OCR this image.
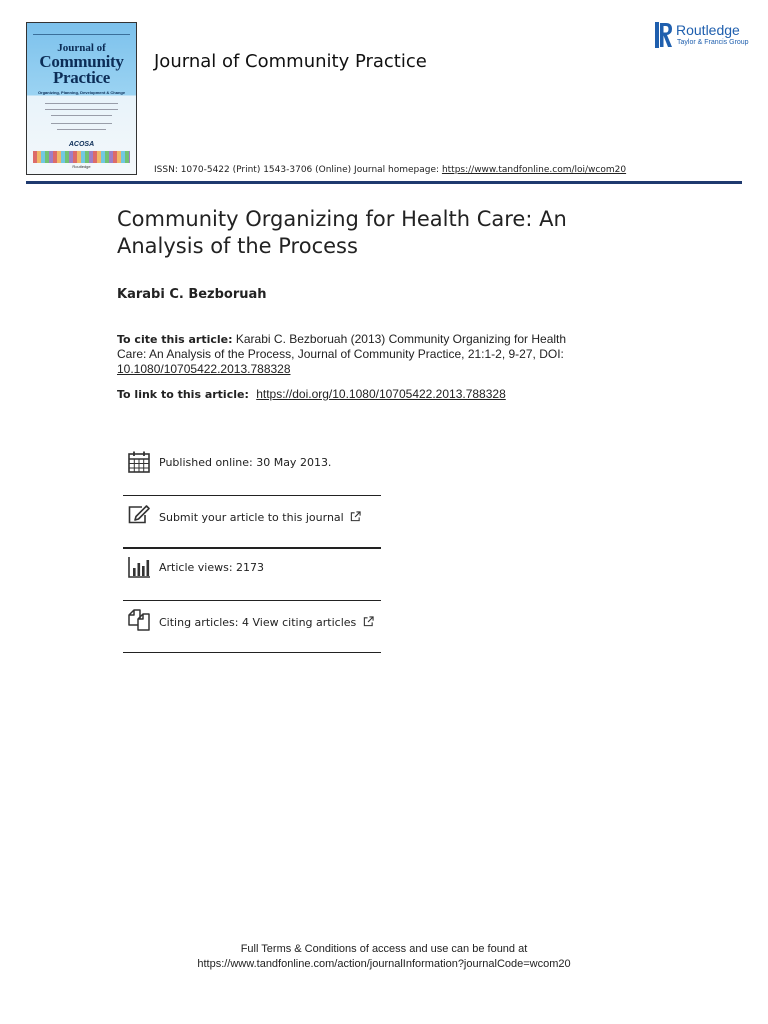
Journal of
Community
Practice
Organizing, Planning, Development & Change
ACOSA
Routledge
Journal of Community Practice
Routledge
Taylor & Francis Group
ISSN: 1070-5422 (Print) 1543-3706 (Online) Journal homepage: https://www.tandfonline.com/loi/wcom20
Community Organizing for Health Care: An Analysis of the Process
Karabi C. Bezboruah
To cite this article: Karabi C. Bezboruah (2013) Community Organizing for Health Care: An Analysis of the Process, Journal of Community Practice, 21:1-2, 9-27, DOI: 10.1080/10705422.2013.788328
To link to this article: https://doi.org/10.1080/10705422.2013.788328
Published online: 30 May 2013.
Submit your article to this journal
Article views: 2173
Citing articles: 4 View citing articles
Full Terms & Conditions of access and use can be found at
https://www.tandfonline.com/action/journalInformation?journalCode=wcom20
